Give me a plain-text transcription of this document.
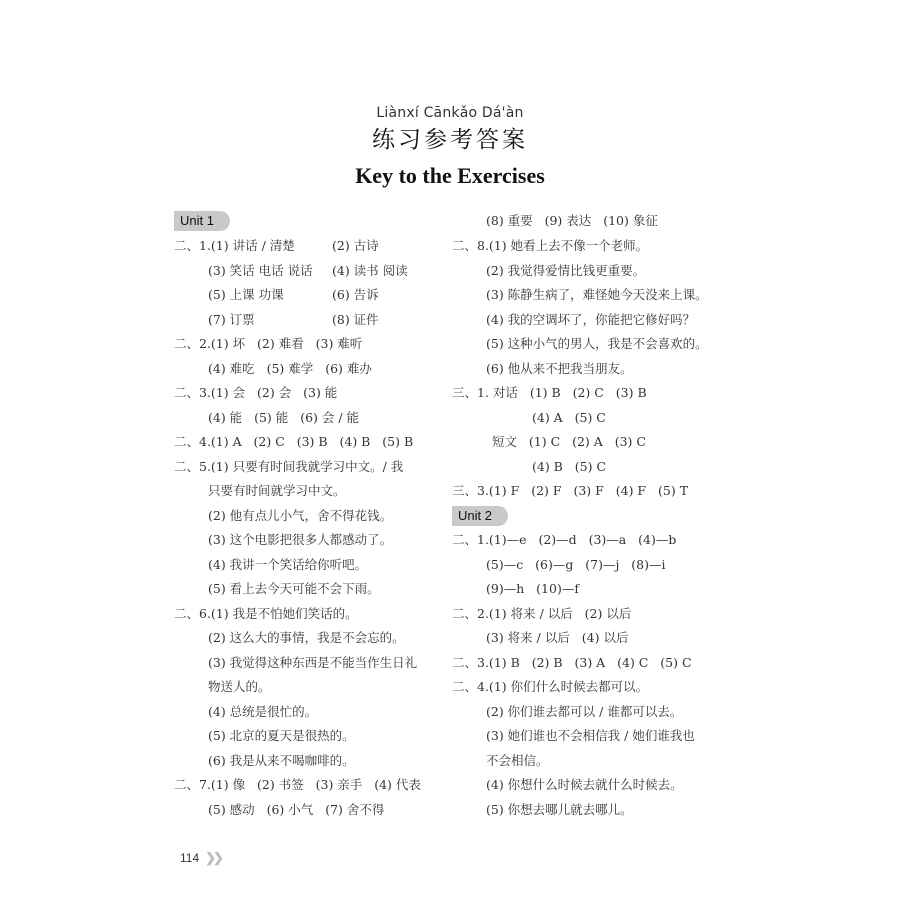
Liànxí Cānkǎo Dá'àn
练习参考答案
Key to the Exercises
Unit 1
二、1.(1) 讲话 / 清楚	(2) 古诗
(3) 笑话 电话 说话 (4) 读书 阅读
(5) 上课 功课	(6) 告诉
(7) 订票	(8) 证件
二、2.(1) 坏   (2) 难看   (3) 难听
(4) 难吃   (5) 难学   (6) 难办
二、3.(1) 会   (2) 会   (3) 能
(4) 能   (5) 能   (6) 会 / 能
二、4.(1) A   (2) C   (3) B   (4) B   (5) B
二、5.(1) 只要有时间我就学习中文。/ 我
只要有时间就学习中文。
(2) 他有点儿小气，舍不得花钱。
(3) 这个电影把很多人都感动了。
(4) 我讲一个笑话给你听吧。
(5) 看上去今天可能不会下雨。
二、6.(1) 我是不怕她们笑话的。
(2) 这么大的事情，我是不会忘的。
(3) 我觉得这种东西是不能当作生日礼
物送人的。
(4) 总统是很忙的。
(5) 北京的夏天是很热的。
(6) 我是从来不喝咖啡的。
二、7.(1) 像   (2) 书签   (3) 亲手   (4) 代表
(5) 感动   (6) 小气   (7) 舍不得
(8) 重要   (9) 表达   (10) 象征
二、8.(1) 她看上去不像一个老师。
(2) 我觉得爱情比钱更重要。
(3) 陈静生病了，难怪她今天没来上课。
(4) 我的空调坏了，你能把它修好吗？
(5) 这种小气的男人，我是不会喜欢的。
(6) 他从来不把我当朋友。
三、1. 对话   (1) B   (2) C   (3) B
(4) A   (5) C
短文   (1) C   (2) A   (3) C
(4) B   (5) C
三、3.(1) F   (2) F   (3) F   (4) F   (5) T
Unit 2
二、1.(1)—e   (2)—d   (3)—a   (4)—b
(5)—c   (6)—g   (7)—j   (8)—i
(9)—h   (10)—f
二、2.(1) 将来 / 以后   (2) 以后
(3) 将来 / 以后   (4) 以后
二、3.(1) B   (2) B   (3) A   (4) C   (5) C
二、4.(1) 你们什么时候去都可以。
(2) 你们谁去都可以 / 谁都可以去。
(3) 她们谁也不会相信我 / 她们谁我也
不会相信。
(4) 你想什么时候去就什么时候去。
(5) 你想去哪儿就去哪儿。
114 ❯❯
